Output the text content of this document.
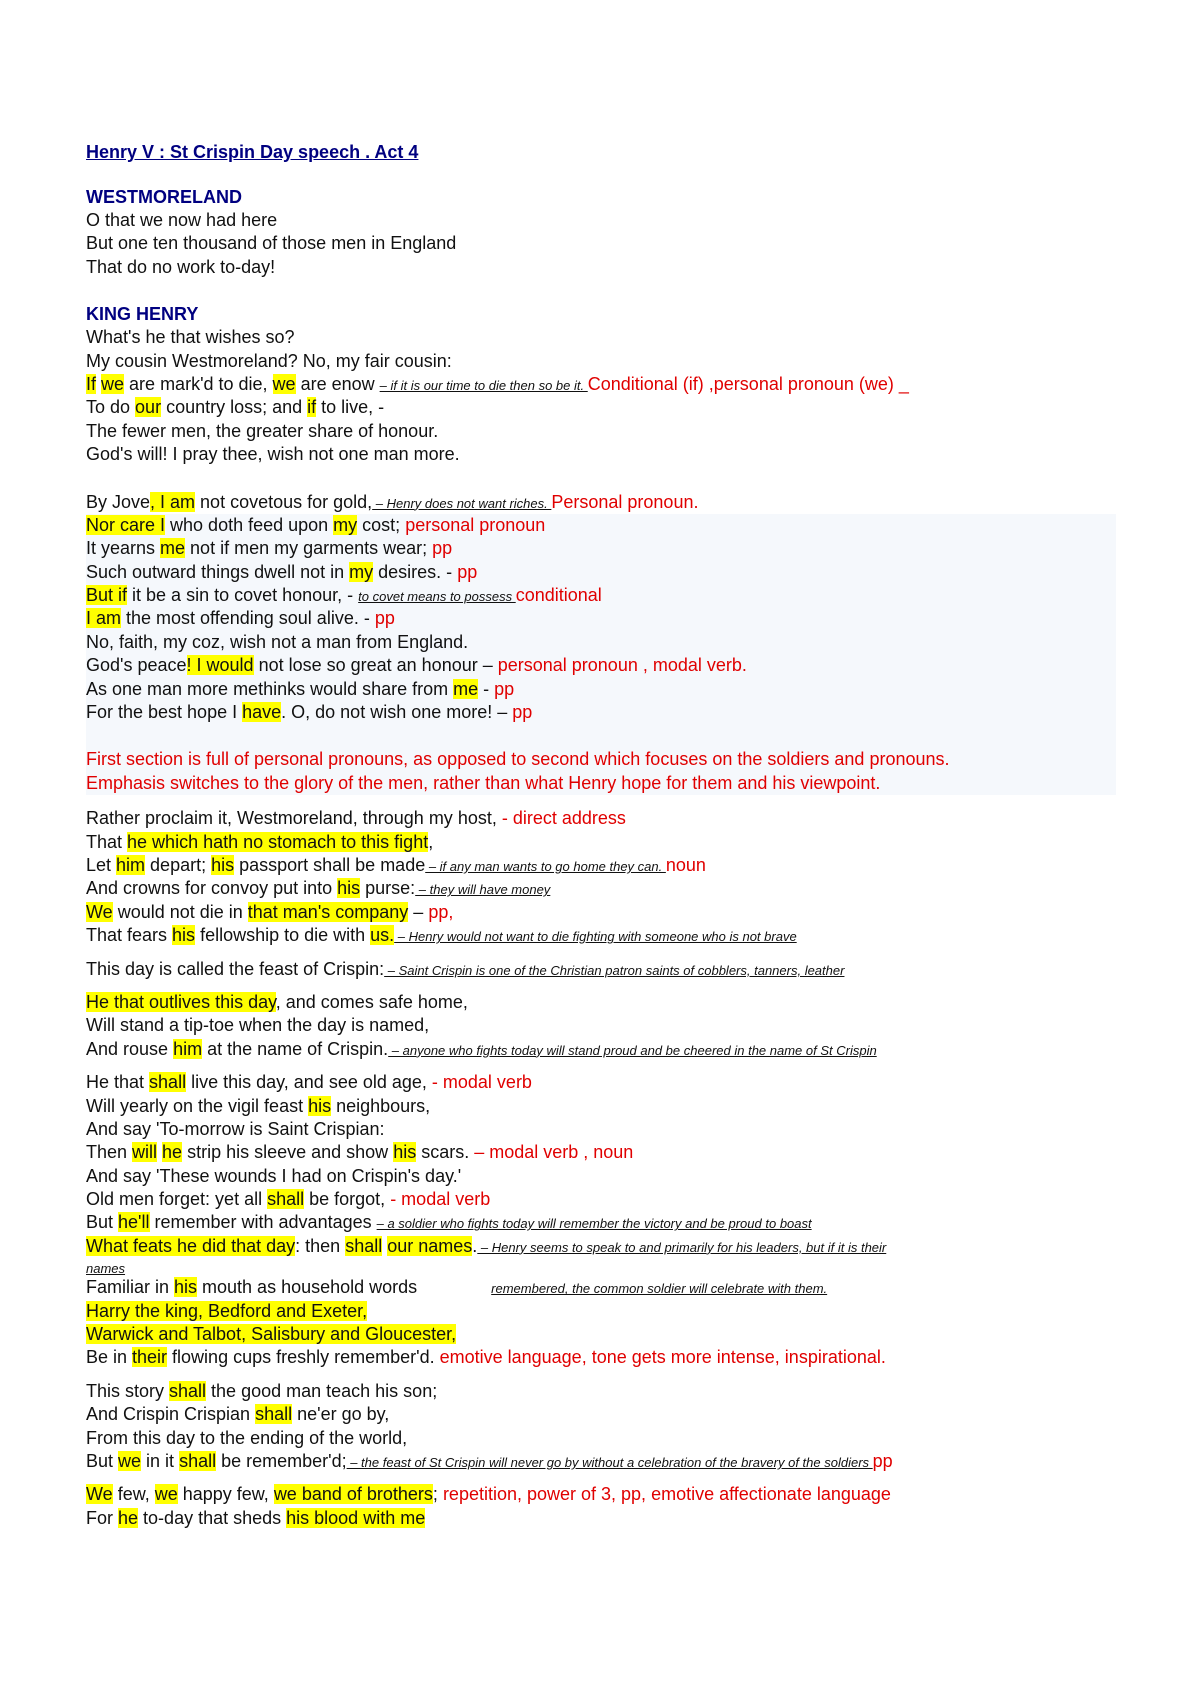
Henry V : St Crispin Day speech . Act 4
WESTMORELAND
O that we now had here
But one ten thousand of those men in England
That do no work to-day!
KING HENRY
What's he that wishes so?
My cousin Westmoreland? No, my fair cousin:
If we are mark'd to die, we are enow – if it is our time to die then so be it. Conditional (if) ,personal pronoun (we) _
To do our country loss; and if to live, -
The fewer men, the greater share of honour.
God's will! I pray thee, wish not one man more.
By Jove, I am not covetous for gold, – Henry does not want riches. Personal pronoun.
Nor care I who doth feed upon my cost; personal pronoun
It yearns me not if men my garments wear; pp
Such outward things dwell not in my desires. - pp
But if it be a sin to covet honour, - to covet means to possess conditional
I am the most offending soul alive. - pp
No, faith, my coz, wish not a man from England.
God's peace! I would not lose so great an honour – personal pronoun , modal verb.
As one man more methinks would share from me - pp
For the best hope I have. O, do not wish one more! – pp
First section is full of personal pronouns, as opposed to second which focuses on the soldiers and pronouns.
Emphasis switches to the glory of the men, rather than what Henry hope for them and his viewpoint.
Rather proclaim it, Westmoreland, through my host, - direct address
That he which hath no stomach to this fight,
Let him depart; his passport shall be made – if any man wants to go home they can. noun
And crowns for convoy put into his purse: – they will have money
We would not die in that man's company – pp,
That fears his fellowship to die with us. – Henry would not want to die fighting with someone who is not brave
This day is called the feast of Crispin: – Saint Crispin is one of the Christian patron saints of cobblers, tanners, leather
He that outlives this day, and comes safe home,
Will stand a tip-toe when the day is named,
And rouse him at the name of Crispin. – anyone who fights today will stand proud and be cheered in the name of St Crispin
He that shall live this day, and see old age, - modal verb
Will yearly on the vigil feast his neighbours,
And say 'To-morrow is Saint Crispian:
Then will he strip his sleeve and show his scars. – modal verb , noun
And say 'These wounds I had on Crispin's day.'
Old men forget: yet all shall be forgot, - modal verb
But he'll remember with advantages – a soldier who fights today will remember the victory and be proud to boast
What feats he did that day: then shall our names. – Henry seems to speak to and primarily for his leaders, but if it is their
names
Familiar in his mouth as household words	remembered, the common soldier will celebrate with them.
Harry the king, Bedford and Exeter,
Warwick and Talbot, Salisbury and Gloucester,
Be in their flowing cups freshly remember'd. emotive language, tone gets more intense, inspirational.
This story shall the good man teach his son;
And Crispin Crispian shall ne'er go by,
From this day to the ending of the world,
But we in it shall be remember'd; – the feast of St Crispin will never go by without a celebration of the bravery of the soldiers pp
We few, we happy few, we band of brothers; repetition, power of 3, pp, emotive affectionate language
For he to-day that sheds his blood with me
